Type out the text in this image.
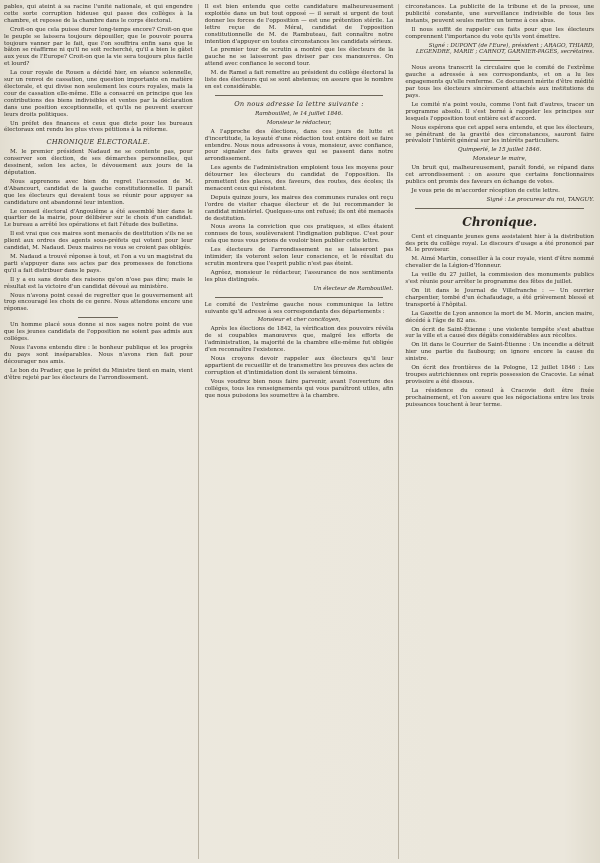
pables, qui ateint à sa racine l'unité nationale, et qui engendre cette sorte corruption hideuse qui passe des collèges à la chambre, et reposse de la chambre dans le corps électoral.

Croit-on que cela puisse durer long-temps encore? Croit-on que le peuple se laissera toujours dépouiller, que le pouvoir pourra toujours vanner par le fait, que l'on souffrira enfin sans que le bâton se réaffirme ni qu'il ne soit recherché, qu'il a bien le gâtet aux yeux de l'Europe? Croit-on que la vie sera toujours plus facile et lourd?

La cour royale de Rouen a décidé hier, en séance solennelle, sur un renvoi de cassation, une question importante en matière électorale, et qui divise non seulement les cours royales, mais la cour de cassation elle-même. Elle a consacré en principe que les contributions des biens indivisibles et ventes par la déclaration dans une position exceptionnelle, et qu'ils ne peuvent exercer leurs droits politiques.

Un préfet des finances et ceux que dicte pour les bureaux électoraux ont rendu les plus vives pétitions à la réforme.

CHRONIQUE ÉLECTORALE.

M. le premier président Nadaud ne se contente pas, pour conserver son élection, de ses démarches personnelles, qui dessinent, selon les actes, le dévouement aux jours de la députation.

Nous apprenons avec bien du regret l'accession de M. d'Abancourt, candidat de la gauche constitutionnelle. Il paraît que les électeurs qui devaient tous se réunir pour appuyer sa candidature ont abandonné leur intention.

Le conseil électoral d'Angoulême a été assemblé hier dans le quartier de la mairie, pour délibérer sur le choix d'un candidat. Le bureau a arrêté les opérations et fait l'étude des bulletins.

Il est vrai que ces maires sont menacés de destitution s'ils ne se plient aux ordres des agents sous-préfets qui votent pour leur candidat, M. Nadaud. Deux maires ne vous se croient pas obligés.

M. Nadaud a trouvé réponse à tout, et l'on a vu un magistrat du parti s'appuyer dans ses actes par des promesses de fonctions qu'il a fait distribuer dans le pays.

Il y a eu sans doute des raisons qu'on n'ose pas dire; mais le résultat est la victoire d'un candidat dévoué au ministère.

Nous n'avons point cessé de regretter que le gouvernement ait trop encouragé les choix de ce genre. Nous attendons encore une réponse.

Un homme placé sous donne si nos sages notre point de vue que les jeunes candidats de l'opposition ne soient pas admis aux colléges.

Nous l'avons entendu dire : le bonheur publique et les progrès du pays sont inséparables. Nous n'avons rien fait pour décourager nos amis.

Le bon du Pradier, que le préfet du Ministre tient en main, vient d'être rejeté par les électeurs de l'arrondissement.

Il est bien entendu que cette candidature malheureusement exploitée dans un but tout opposé — il serait si urgent de tout donner les forces de l'opposition — est une prétention stérile. La lettre reçue de M. Méral, candidat de l'opposition constitutionnelle de M. de Rambuteau, fait connaître notre intention d'appuyer en toutes circonstances les candidats sérieux.

Le premier tour de scrutin a montré que les électeurs de la gauche ne se laisseront pas diviser par ces manœuvres. On attend avec confiance le second tour.

M. de Ramel a fait remettre au président du collège électoral la liste des électeurs qui se sont abstenus; on assure que le nombre en est considérable.

On nous adresse la lettre suivante :
Rambouillet, le 14 juillet 1846.

Monsieur le rédacteur,

A l'approche des élections, dans ces jours de lutte et d'incertitude, la loyauté d'une rédaction tout entière doit se faire entendre. Nous nous adressons à vous, monsieur, avec confiance, pour signaler des faits graves qui se passent dans notre arrondissement.

Les agents de l'administration emploient tous les moyens pour détourner les électeurs du candidat de l'opposition. Ils promettent des places, des faveurs, des routes, des écoles; ils menacent ceux qui résistent.

Depuis quinze jours, les maires des communes rurales ont reçu l'ordre de visiter chaque électeur et de lui recommander le candidat ministériel. Quelques-uns ont refusé; ils ont été menacés de destitution.

Nous avons la conviction que ces pratiques, si elles étaient connues de tous, soulèveraient l'indignation publique. C'est pour cela que nous vous prions de vouloir bien publier cette lettre.

Les électeurs de l'arrondissement ne se laisseront pas intimider; ils voteront selon leur conscience, et le résultat du scrutin montrera que l'esprit public n'est pas éteint.

Agréez, monsieur le rédacteur, l'assurance de nos sentiments les plus distingués.

Un électeur de Rambouillet.

Le comité de l'extrême gauche nous communique la lettre suivante qu'il adresse à ses correspondants des départements :

Monsieur et cher concitoyen,

Après les élections de 1842, la vérification des pouvoirs révéla de si coupables manœuvres que, malgré les efforts de l'administration, la majorité de la chambre elle-même fut obligée d'en reconnaître l'existence.

Nous croyons devoir rappeler aux électeurs qu'il leur appartient de recueillir et de transmettre les preuves des actes de corruption et d'intimidation dont ils seraient témoins.

Vous voudrez bien nous faire parvenir, avant l'ouverture des colléges, tous les renseignements qui vous paraîtront utiles, afin que nous puissions les soumettre à la chambre.

circonstances. La publicité de la tribune et de la presse, une publicité constante, une surveillance indivisible de tous les instants, peuvent seules mettre un terme à ces abus.

Il nous suffit de rappeler ces faits pour que les électeurs comprennent l'importance du vote qu'ils vont émettre.

Signé : DUPONT (de l'Eure), président ; ARAGO, THIARD, LEGENDRE, MARIE ; CARNOT, GARNIER-PAGÈS, secrétaires.

Nous avons transcrit la circulaire que le comité de l'extrême gauche a adressée à ses correspondants, et on a lu les engagements qu'elle renferme. Ce document mérite d'être médité par tous les électeurs sincèrement attachés aux institutions du pays.

Le comité n'a point voulu, comme l'ont fait d'autres, tracer un programme absolu. Il s'est borné à rappeler les principes sur lesquels l'opposition tout entière est d'accord.

Nous espérons que cet appel sera entendu, et que les électeurs, se pénétrant de la gravité des circonstances, sauront faire prévaloir l'intérêt général sur les intérêts particuliers.

Quimperlé, le 15 juillet 1846.

Monsieur le maire,

Un bruit qui, malheureusement, paraît fondé, se répand dans cet arrondissement : on assure que certains fonctionnaires publics ont promis des faveurs en échange de votes.

Je vous prie de m'accorder réception de cette lettre.

Signé : Le procureur du roi, TANGUY.
Chronique.

Cent et cinquante jeunes gens assistaient hier à la distribution des prix du collège royal. Le discours d'usage a été prononcé par M. le proviseur.

M. Aimé Martin, conseiller à la cour royale, vient d'être nommé chevalier de la Légion-d'Honneur.

La veille du 27 juillet, la commission des monuments publics s'est réunie pour arrêter le programme des fêtes de juillet.

On lit dans le Journal de Villefranche : — Un ouvrier charpentier, tombé d'un échafaudage, a été grièvement blessé et transporté à l'hôpital.

La Gazette de Lyon annonce la mort de M. Morin, ancien maire, décédé à l'âge de 82 ans.

On écrit de Saint-Étienne : une violente tempête s'est abattue sur la ville et a causé des dégâts considérables aux récoltes.

On lit dans le Courrier de Saint-Étienne : Un incendie a détruit hier une partie du faubourg; on ignore encore la cause du sinistre.

On écrit des frontières de la Pologne, 12 juillet 1846 : Les troupes autrichiennes ont repris possession de Cracovie. Le sénat provisoire a été dissous.

La résidence du consul à Cracovie doit être fixée prochainement, et l'on assure que les négociations entre les trois puissances touchent à leur terme.
